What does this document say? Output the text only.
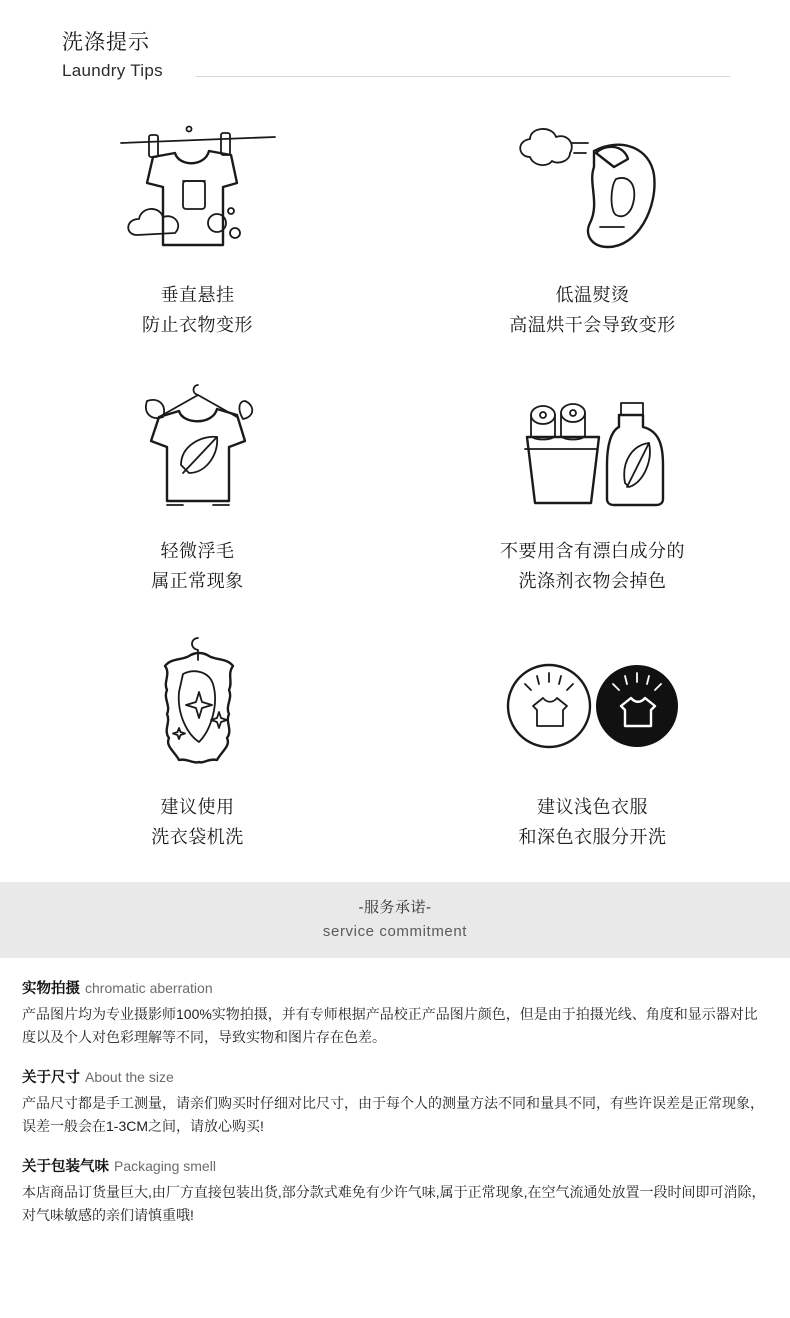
洗涤提示
Laundry Tips
垂直悬挂
防止衣物变形
低温熨烫
高温烘干会导致变形
轻微浮毛
属正常现象
不要用含有漂白成分的
洗涤剂衣物会掉色
建议使用
洗衣袋机洗
建议浅色衣服
和深色衣服分开洗
-服务承诺-
service commitment
实物拍摄 chromatic aberration
产品图片均为专业摄影师100%实物拍摄，并有专师根据产品校正产品图片颜色，但是由于拍摄光线、角度和显示器对比度以及个人对色彩理解等不同，导致实物和图片存在色差。
关于尺寸 About the size
产品尺寸都是手工测量，请亲们购买时仔细对比尺寸，由于每个人的测量方法不同和量具不同，有些许误差是正常现象，误差一般会在1-3CM之间，请放心购买!
关于包装气味 Packaging smell
本店商品订货量巨大,由厂方直接包装出货,部分款式难免有少许气味,属于正常现象,在空气流通处放置一段时间即可消除，对气味敏感的亲们请慎重哦!
